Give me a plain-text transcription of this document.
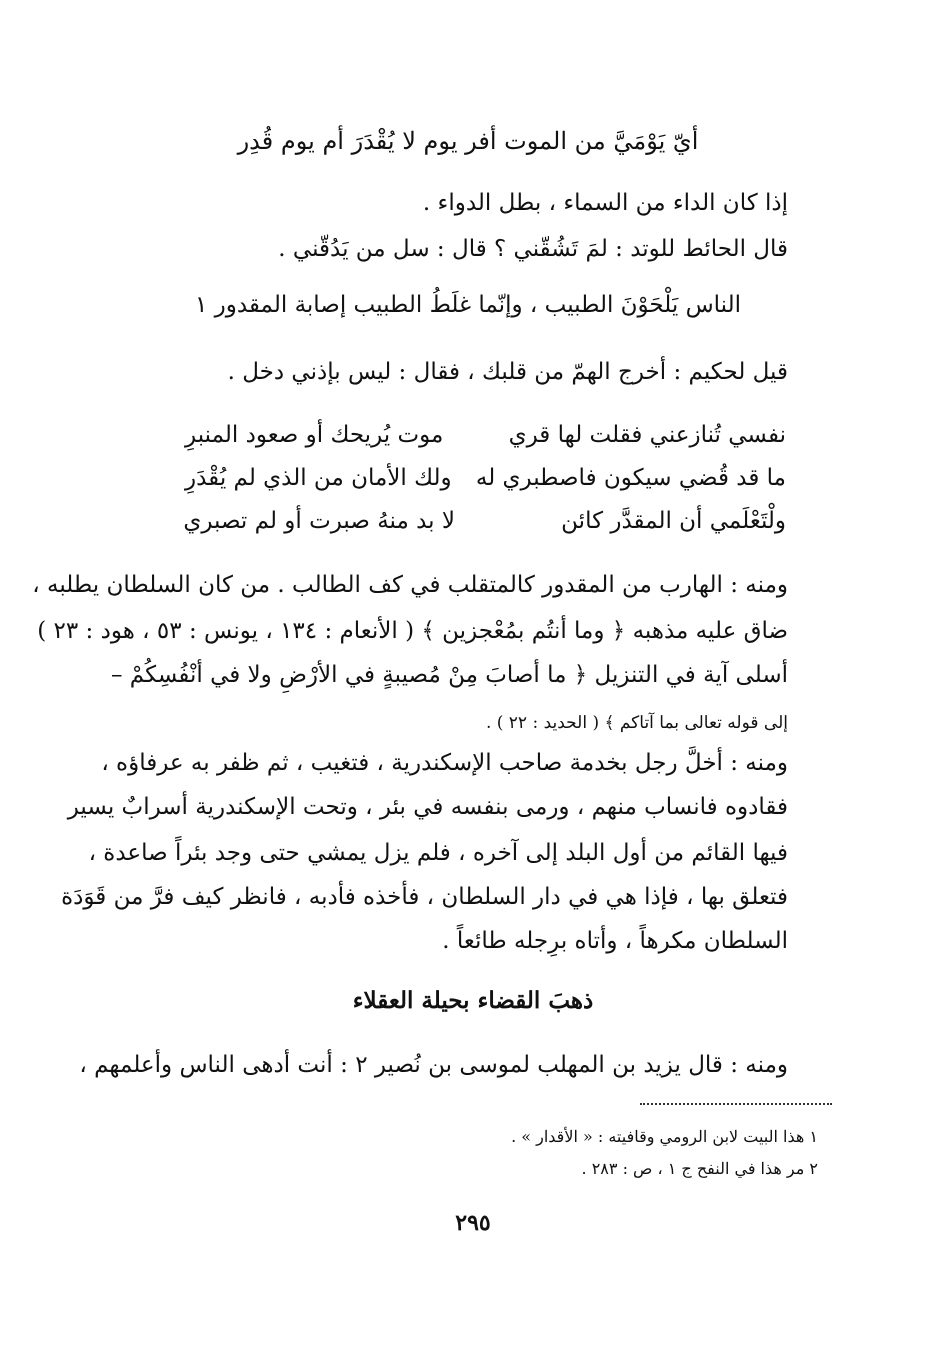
أيّ يَوْمَيَّ من الموت أفر يوم لا يُقْدَرَ أم يوم قُدِر
إذا كان الداء من السماء ، بطل الدواء .
قال الحائط للوتد : لمَ تَشُقّني ؟ قال : سل من يَدُقّني .
الناس يَلْحَوْنَ الطبيب ، وإنّما غلَطُ الطبيب إصابة المقدور ١
قيل لحكيم : أخرج الهمّ من قلبك ، فقال : ليس بإذني دخل .
نفسي تُنازعني فقلت لها قري
موت يُريحك أو صعود المنبرِ
ما قد قُضي سيكون فاصطبري له
ولك الأمان من الذي لم يُقْدَرِ
ولْتَعْلَمي أن المقدَّر كائن
لا بد منهُ صبرت أو لم تصبري
ومنه : الهارب من المقدور كالمتقلب في كف الطالب . من كان السلطان يطلبه ،
ضاق عليه مذهبه ﴿ وما أنتُم بمُعْجزين ﴾ ( الأنعام : ١٣٤ ، يونس : ٥٣ ، هود : ٢٣ )
أسلى آية في التنزيل ﴿ ما أصابَ مِنْ مُصيبةٍ في الأرْضِ ولا في أنْفُسِكُمْ –
إلى قوله تعالى بما آتاكم ﴾ ( الحديد : ٢٢ ) .
ومنه : أخلَّ رجل بخدمة صاحب الإسكندرية ، فتغيب ، ثم ظفر به عرفاؤه ،
فقادوه فانساب منهم ، ورمى بنفسه في بئر ، وتحت الإسكندرية أسرابٌ يسير
فيها القائم من أول البلد إلى آخره ، فلم يزل يمشي حتى وجد بئراً صاعدة ،
فتعلق بها ، فإذا هي في دار السلطان ، فأخذه فأدبه ، فانظر كيف فرَّ من قَوَدَة
السلطان مكرهاً ، وأتاه برِجله طائعاً .
ذهبَ القضاء بحيلة العقلاء
ومنه : قال يزيد بن المهلب لموسى بن نُصير ٢ : أنت أدهى الناس وأعلمهم ،
١ هذا البيت لابن الرومي وقافيته : « الأقدار » .
٢ مر هذا في النفح ج ١ ، ص : ٢٨٣ .
٢٩٥
